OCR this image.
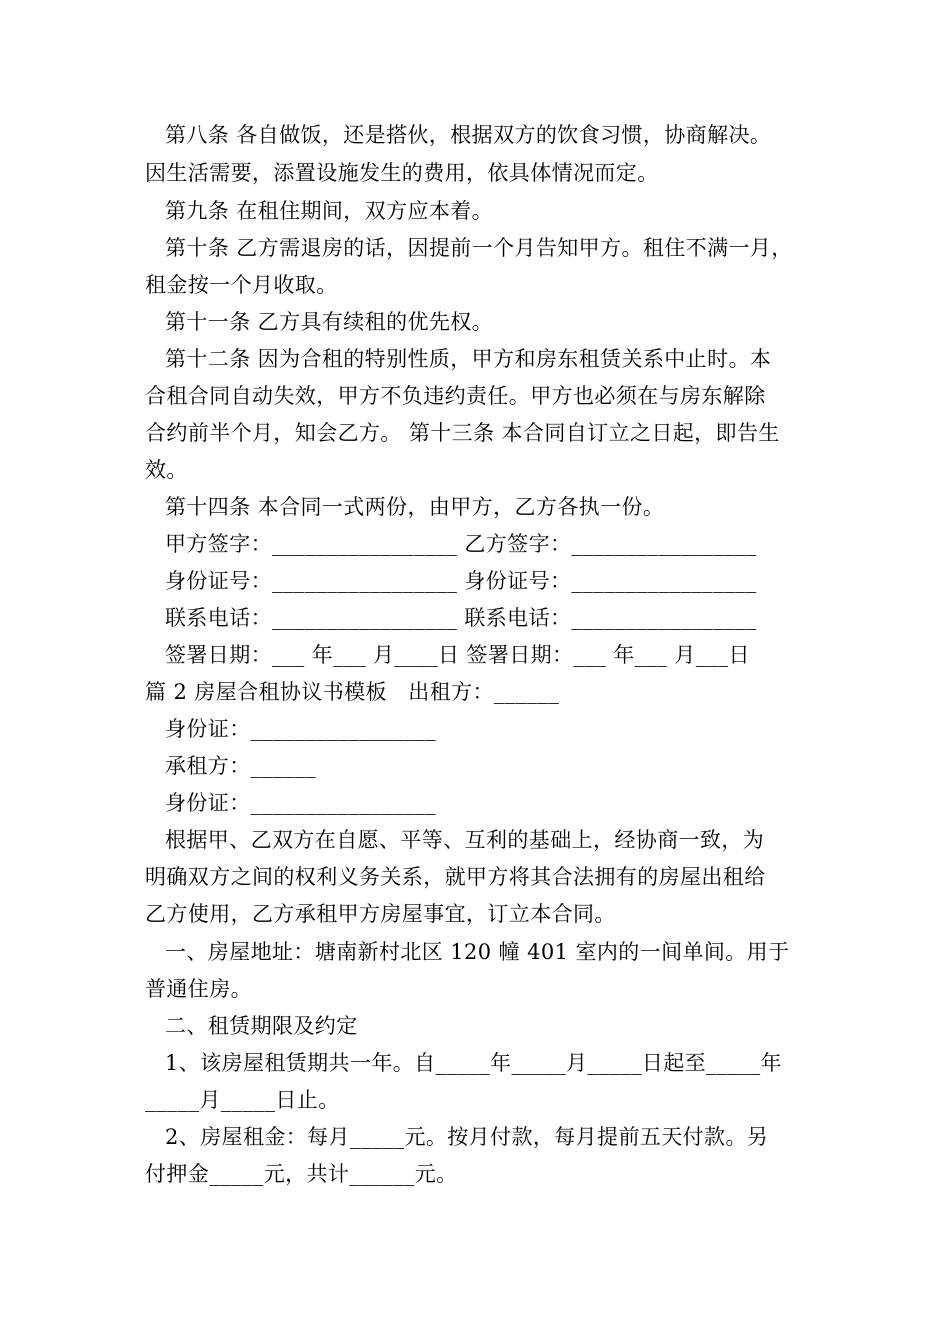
第八条 各自做饭，还是搭伙，根据双方的饮食习惯，协商解决。
因生活需要，添置设施发生的费用，依具体情况而定。
第九条 在租住期间，双方应本着。
第十条 乙方需退房的话，因提前一个月告知甲方。租住不满一月，
租金按一个月收取。
第十一条 乙方具有续租的优先权。
第十二条 因为合租的特别性质，甲方和房东租赁关系中止时。本
合租合同自动失效，甲方不负违约责任。甲方也必须在与房东解除
合约前半个月，知会乙方。 第十三条 本合同自订立之日起，即告生
效。
第十四条 本合同一式两份，由甲方，乙方各执一份。
甲方签字：_________________ 乙方签字：_________________
身份证号：_________________ 身份证号：_________________
联系电话：_________________ 联系电话：_________________
签署日期：___ 年___ 月____日 签署日期：___ 年___ 月___日
篇 2 房屋合租协议书模板　出租方：______
身份证：_________________
承租方：______
身份证：_________________
根据甲、乙双方在自愿、平等、互利的基础上，经协商一致，为
明确双方之间的权利义务关系，就甲方将其合法拥有的房屋出租给
乙方使用，乙方承租甲方房屋事宜，订立本合同。
一、房屋地址：塘南新村北区 120 幢 401 室内的一间单间。用于
普通住房。
二、租赁期限及约定
1、该房屋租赁期共一年。自_____年_____月_____日起至_____年
_____月_____日止。
2、房屋租金：每月_____元。按月付款，每月提前五天付款。另
付押金_____元，共计______元。
